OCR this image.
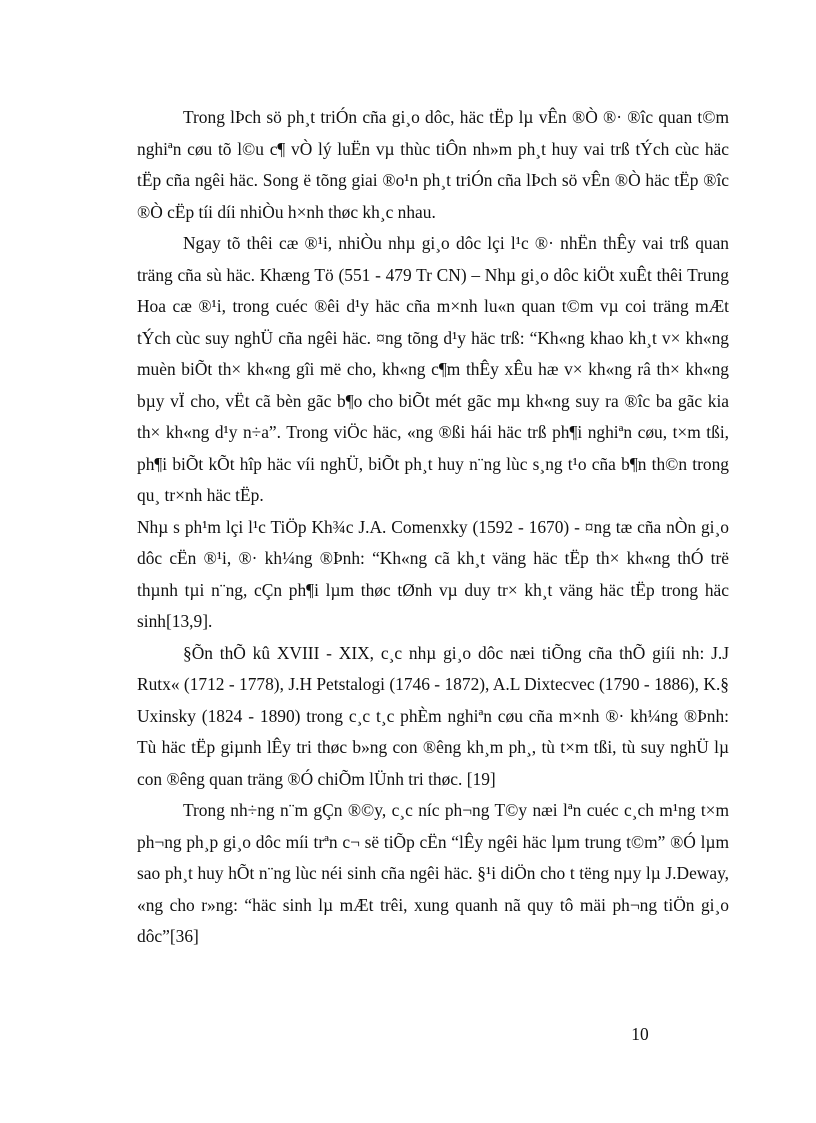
Trong lÞch sö ph¸t triÓn cña gi¸o dôc, häc tËp lµ vÊn ®Ò ®· ®îc quan t©m nghiªn cøu tõ l©u c¶ vÒ lý luËn vµ thùc tiÔn nh»m ph¸t huy vai trß tÝch cùc häc tËp cña ngêi häc. Song ë tõng giai ®o¹n ph¸t triÓn cña lÞch sö vÊn ®Ò häc tËp ®îc ®Ò cËp tíi díi nhiÒu h×nh thøc kh¸c nhau.

Ngay tõ thêi cæ ®¹i, nhiÒu nhµ gi¸o dôc lçi l¹c ®· nhËn thÊy vai trß quan träng cña sù häc. Khæng Tö (551 - 479 Tr CN) – Nhµ gi¸o dôc kiÖt xuÊt thêi Trung Hoa cæ ®¹i, trong cuéc ®êi d¹y häc cña m×nh lu«n quan t©m vµ coi träng mÆt tÝch cùc suy nghÜ cña ngêi häc. ¤ng tõng d¹y häc trß: “Kh«ng khao kh¸t v× kh«ng muèn biÕt th× kh«ng gîi më cho, kh«ng c¶m thÊy xÊu hæ v× kh«ng râ th× kh«ng bµy vÏ cho, vËt cã bèn gãc b¶o cho biÕt mét gãc mµ kh«ng suy ra ®îc ba gãc kia th× kh«ng d¹y n÷a”. Trong viÖc häc, «ng ®ßi hái häc trß ph¶i nghiªn cøu, t×m tßi, ph¶i biÕt kÕt hîp häc víi nghÜ, biÕt ph¸t huy n¨ng lùc s¸ng t¹o cña b¶n th©n trong qu¸ tr×nh häc tËp.

Nhµ s ph¹m lçi l¹c TiÖp Kh¾c J.A. Comenxky (1592 - 1670) - ¤ng tæ cña nÒn gi¸o dôc cËn ®¹i, ®· kh¼ng ®Þnh: “Kh«ng cã kh¸t väng häc tËp th× kh«ng thÓ trë thµnh tµi n¨ng, cÇn ph¶i lµm thøc tØnh vµ duy tr× kh¸t väng häc tËp trong häc sinh[13,9].

§Õn thÕ kû XVIII - XIX, c¸c nhµ gi¸o dôc næi tiÕng cña thÕ giíi nh: J.J Rutx« (1712 - 1778), J.H Petstalogi (1746 - 1872), A.L Dixtecvec (1790 - 1886), K.§ Uxinsky (1824 - 1890) trong c¸c t¸c phÈm nghiªn cøu cña m×nh ®· kh¼ng ®Þnh: Tù häc tËp giµnh lÊy tri thøc b»ng con ®êng kh¸m ph¸, tù t×m tßi, tù suy nghÜ lµ con ®êng quan träng ®Ó chiÕm lÜnh tri thøc. [19]

Trong nh÷ng n¨m gÇn ®©y, c¸c níc ph¬ng T©y næi lªn cuéc c¸ch m¹ng t×m ph¬ng ph¸p gi¸o dôc míi trªn c¬ së tiÕp cËn “lÊy ngêi häc lµm trung t©m” ®Ó lµm sao ph¸t huy hÕt n¨ng lùc néi sinh cña ngêi häc. §¹i diÖn cho t tëng nµy lµ J.Deway, «ng cho r»ng: “häc sinh lµ mÆt trêi, xung quanh nã quy tô mäi ph¬ng tiÖn gi¸o dôc”[36]

10
